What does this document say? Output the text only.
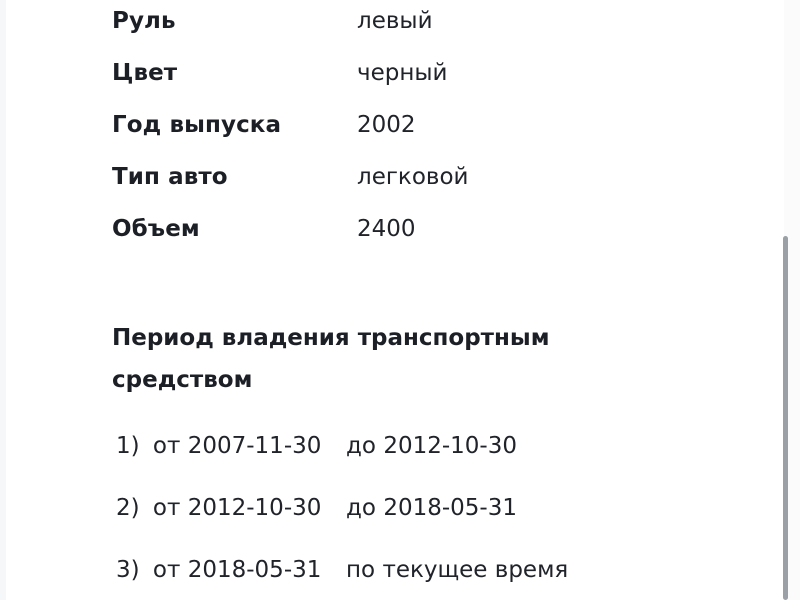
Руль	левый
Цвет	черный
Год выпуска	2002
Тип авто	легковой
Объем	2400
Период владения транспортным средством
1) от 2007-11-30 до 2012-10-30
2) от 2012-10-30 до 2018-05-31
3) от 2018-05-31 по текущее время
